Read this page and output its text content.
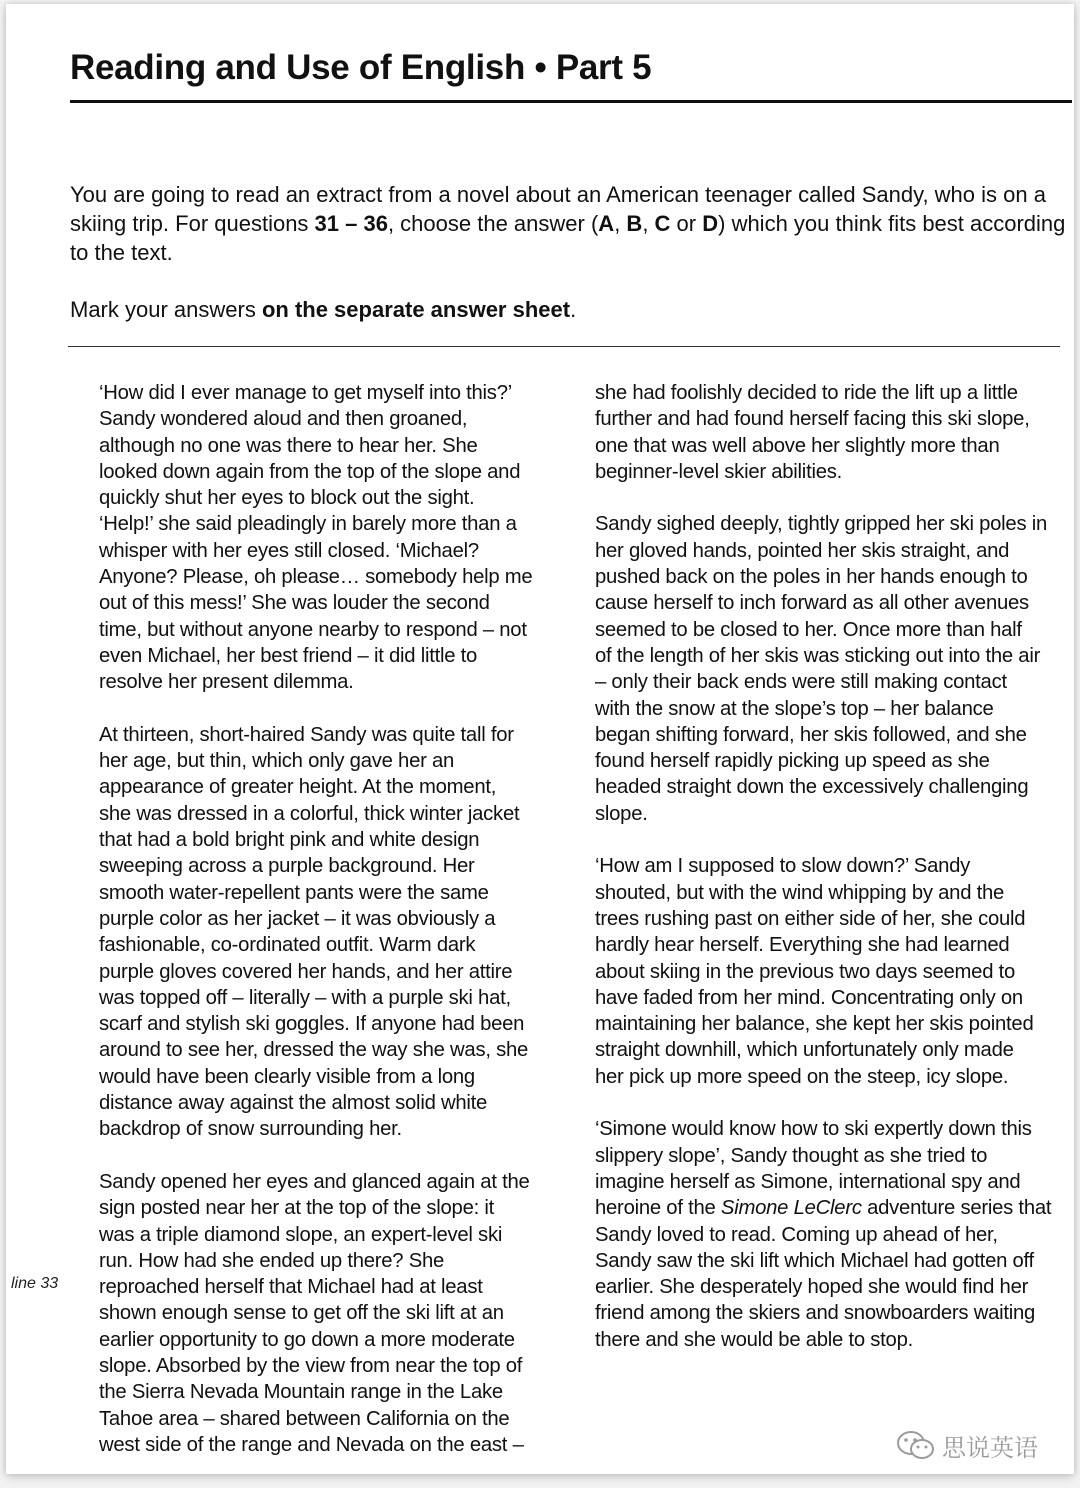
Reading and Use of English • Part 5

You are going to read an extract from a novel about an American teenager called Sandy, who is on a skiing trip. For questions 31 – 36, choose the answer (A, B, C or D) which you think fits best according to the text.

Mark your answers on the separate answer sheet.

‘How did I ever manage to get myself into this?’
Sandy wondered aloud and then groaned,
although no one was there to hear her. She
looked down again from the top of the slope and
quickly shut her eyes to block out the sight.
‘Help!’ she said pleadingly in barely more than a
whisper with her eyes still closed. ‘Michael?
Anyone? Please, oh please… somebody help me
out of this mess!’ She was louder the second
time, but without anyone nearby to respond – not
even Michael, her best friend – it did little to
resolve her present dilemma.
At thirteen, short-haired Sandy was quite tall for
her age, but thin, which only gave her an
appearance of greater height. At the moment,
she was dressed in a colorful, thick winter jacket
that had a bold bright pink and white design
sweeping across a purple background. Her
smooth water-repellent pants were the same
purple color as her jacket – it was obviously a
fashionable, co-ordinated outfit. Warm dark
purple gloves covered her hands, and her attire
was topped off – literally – with a purple ski hat,
scarf and stylish ski goggles. If anyone had been
around to see her, dressed the way she was, she
would have been clearly visible from a long
distance away against the almost solid white
backdrop of snow surrounding her.
Sandy opened her eyes and glanced again at the
sign posted near her at the top of the slope: it
was a triple diamond slope, an expert-level ski
run. How had she ended up there? She
reproached herself that Michael had at least
shown enough sense to get off the ski lift at an
earlier opportunity to go down a more moderate
slope. Absorbed by the view from near the top of
the Sierra Nevada Mountain range in the Lake
Tahoe area – shared between California on the
west side of the range and Nevada on the east –
she had foolishly decided to ride the lift up a little
further and had found herself facing this ski slope,
one that was well above her slightly more than
beginner-level skier abilities.
Sandy sighed deeply, tightly gripped her ski poles in
her gloved hands, pointed her skis straight, and
pushed back on the poles in her hands enough to
cause herself to inch forward as all other avenues
seemed to be closed to her. Once more than half
of the length of her skis was sticking out into the air
– only their back ends were still making contact
with the snow at the slope’s top – her balance
began shifting forward, her skis followed, and she
found herself rapidly picking up speed as she
headed straight down the excessively challenging
slope.
‘How am I supposed to slow down?’ Sandy
shouted, but with the wind whipping by and the
trees rushing past on either side of her, she could
hardly hear herself. Everything she had learned
about skiing in the previous two days seemed to
have faded from her mind. Concentrating only on
maintaining her balance, she kept her skis pointed
straight downhill, which unfortunately only made
her pick up more speed on the steep, icy slope.
‘Simone would know how to ski expertly down this
slippery slope’, Sandy thought as she tried to
imagine herself as Simone, international spy and
heroine of the Simone LeClerc adventure series that
Sandy loved to read. Coming up ahead of her,
Sandy saw the ski lift which Michael had gotten off
earlier. She desperately hoped she would find her
friend among the skiers and snowboarders waiting
there and she would be able to stop.
line 33
思说英语
